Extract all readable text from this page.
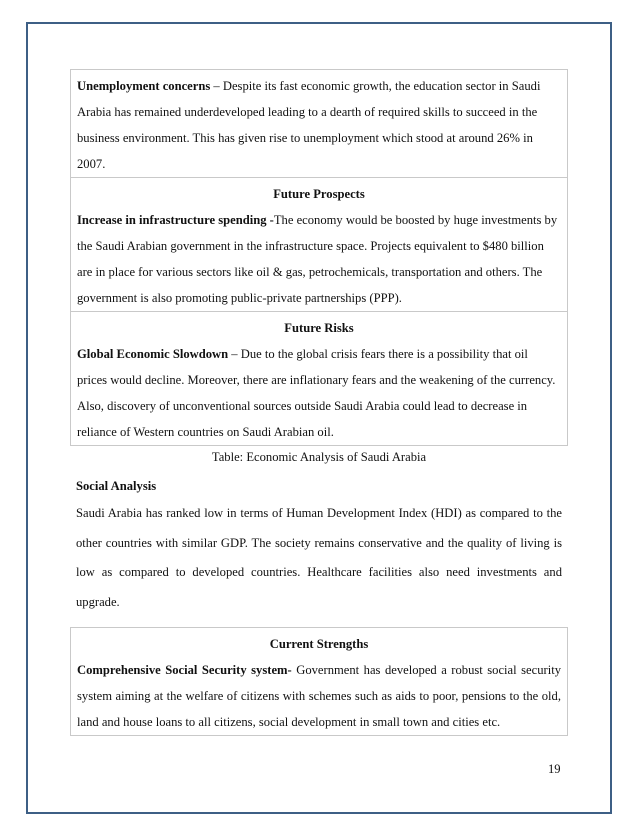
Unemployment concerns – Despite its fast economic growth, the education sector in Saudi Arabia has remained underdeveloped leading to a dearth of required skills to succeed in the business environment. This has given rise to unemployment which stood at around 26% in 2007.
Future Prospects
Increase in infrastructure spending -The economy would be boosted by huge investments by the Saudi Arabian government in the infrastructure space. Projects equivalent to $480 billion are in place for various sectors like oil & gas, petrochemicals, transportation and others. The government is also promoting public-private partnerships (PPP).
Future Risks
Global Economic Slowdown – Due to the global crisis fears there is a possibility that oil prices would decline. Moreover, there are inflationary fears and the weakening of the currency. Also, discovery of unconventional sources outside Saudi Arabia could lead to decrease in reliance of Western countries on Saudi Arabian oil.
Table: Economic Analysis of Saudi Arabia
Social Analysis
Saudi Arabia has ranked low in terms of Human Development Index (HDI) as compared to the other countries with similar GDP. The society remains conservative and the quality of living is low as compared to developed countries. Healthcare facilities also need investments and upgrade.
Current Strengths
Comprehensive Social Security system- Government has developed a robust social security system aiming at the welfare of citizens with schemes such as aids to poor, pensions to the old, land and house loans to all citizens, social development in small town and cities etc.
19
